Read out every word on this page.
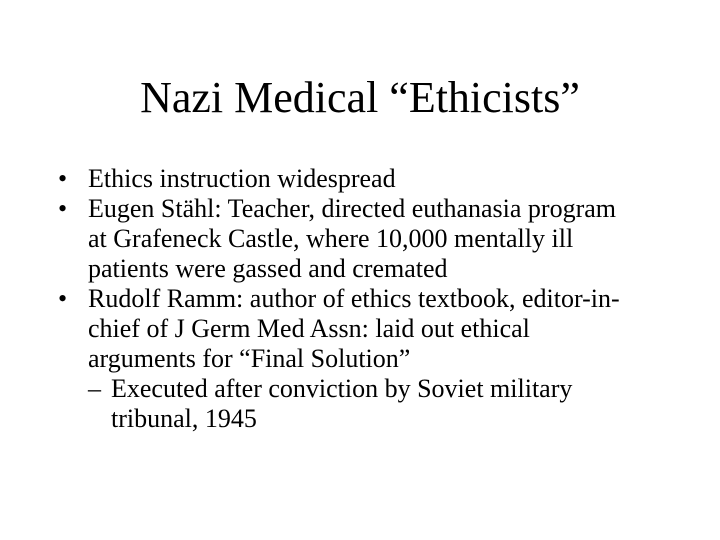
Nazi Medical “Ethicists”
• Ethics instruction widespread
• Eugen Stähl: Teacher, directed euthanasia program
at Grafeneck Castle, where 10,000 mentally ill
patients were gassed and cremated
• Rudolf Ramm: author of ethics textbook, editor-in-
chief of J Germ Med Assn: laid out ethical
arguments for “Final Solution”
– Executed after conviction by Soviet military
tribunal, 1945
